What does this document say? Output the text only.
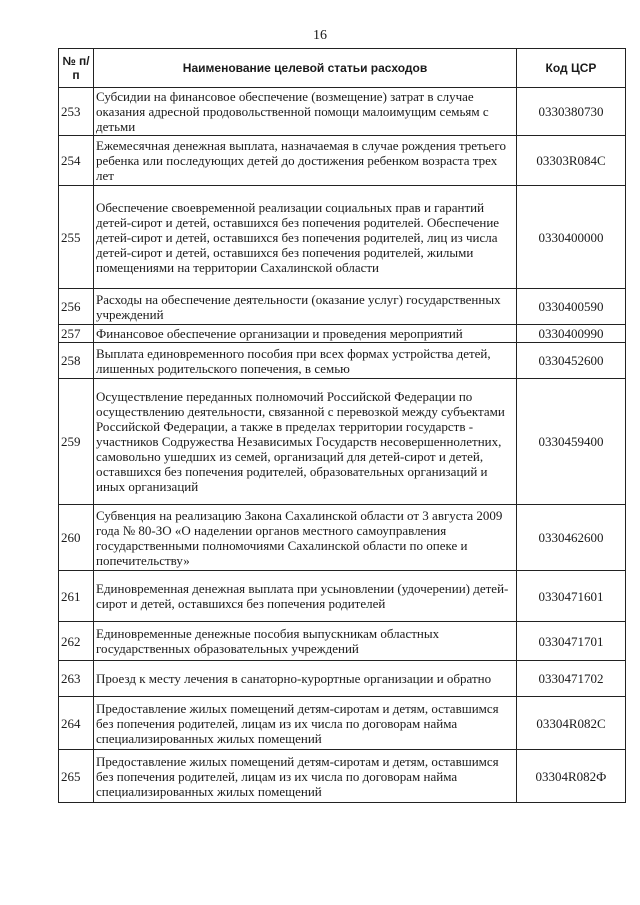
16
№ п/п	Наименование целевой статьи расходов	Код ЦСР
253	Субсидии на финансовое обеспечение (возмещение) затрат в случае оказания адресной продовольственной помощи малоимущим семьям с детьми	0330380730
254	Ежемесячная денежная выплата, назначаемая в случае рождения третьего ребенка или последующих детей до достижения ребенком возраста трех лет	03303R084C
255	Обеспечение своевременной реализации социальных прав и гарантий детей-сирот и детей, оставшихся без попечения родителей. Обеспечение детей-сирот и детей, оставшихся без попечения родителей, лиц из числа детей-сирот и детей, оставшихся без попечения родителей, жилыми помещениями на территории Сахалинской области	0330400000
256	Расходы на обеспечение деятельности (оказание услуг) государственных учреждений	0330400590
257	Финансовое обеспечение организации и проведения мероприятий	0330400990
258	Выплата единовременного пособия при всех формах устройства детей, лишенных родительского попечения, в семью	0330452600
259	Осуществление переданных полномочий Российской Федерации по осуществлению деятельности, связанной с перевозкой между субъектами Российской Федерации, а также в пределах территории государств - участников Содружества Независимых Государств несовершеннолетних, самовольно ушедших из семей, организаций для детей-сирот и детей, оставшихся без попечения родителей, образовательных организаций и иных организаций	0330459400
260	Субвенция на реализацию Закона Сахалинской области от 3 августа 2009 года № 80-ЗО «О наделении органов местного самоуправления государственными полномочиями Сахалинской области по опеке и попечительству»	0330462600
261	Единовременная денежная выплата при усыновлении (удочерении) детей-сирот и детей, оставшихся без попечения родителей	0330471601
262	Единовременные денежные пособия выпускникам областных государственных образовательных учреждений	0330471701
263	Проезд к месту лечения в санаторно-курортные организации и обратно	0330471702
264	Предоставление жилых помещений детям-сиротам и детям, оставшимся без попечения родителей, лицам из их числа по договорам найма специализированных жилых помещений	03304R082C
265	Предоставление жилых помещений детям-сиротам и детям, оставшимся без попечения родителей, лицам из их числа по договорам найма специализированных жилых помещений	03304R082Ф
